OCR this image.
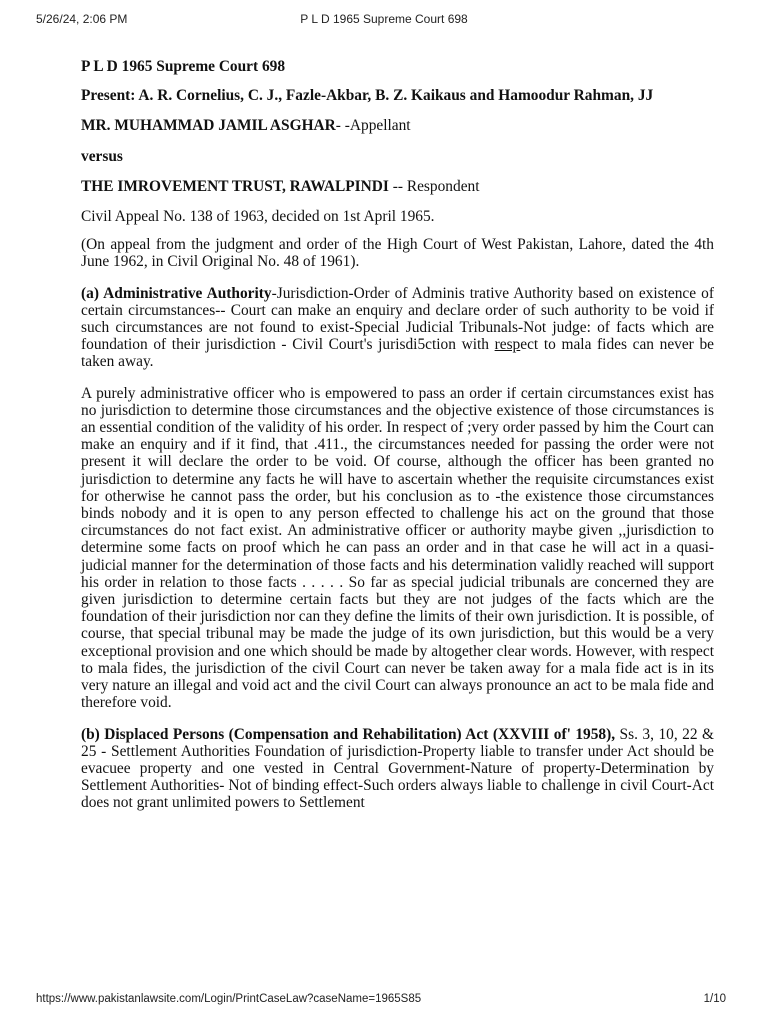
5/26/24, 2:06 PM	P L D 1965 Supreme Court 698

P L D 1965 Supreme Court 698

Present: A. R. Cornelius, C. J., Fazle-Akbar, B. Z. Kaikaus and Hamoodur Rahman, JJ

MR. MUHAMMAD JAMIL ASGHAR- -Appellant

versus

THE IMROVEMENT TRUST, RAWALPINDI -- Respondent

Civil Appeal No. 138 of 1963, decided on 1st April 1965.

(On appeal from the judgment and order of the High Court of West Pakistan, Lahore, dated the 4th June 1962, in Civil Original No. 48 of 1961).

(a) Administrative Authority-Jurisdiction-Order of Adminis trative Authority based on existence of certain circumstances-- Court can make an enquiry and declare order of such authority to be void if such circumstances are not found to exist-Special Judicial Tribunals-Not judge: of facts which are foundation of their jurisdiction - Civil Court's jurisdi5ction with respect to mala fides can never be taken away.

A purely administrative officer who is empowered to pass an order if certain circumstances exist has no jurisdiction to determine those circumstances and the objective existence of those circumstances is an essential condition of the validity of his order. In respect of ;very order passed by him the Court can make an enquiry and if it find, that .411., the circumstances needed for passing the order were not present it will declare the order to be void. Of course, although the officer has been granted no jurisdiction to determine any facts he will have to ascertain whether the requisite circumstances exist for otherwise he cannot pass the order, but his conclusion as to -the existence those circumstances binds nobody and it is open to any person effected to challenge his act on the ground that those circumstances do not fact exist. An administrative officer or authority maybe given ,,jurisdiction to determine some facts on proof which he can pass an order and in that case he will act in a quasi-judicial manner for the determination of those facts and his determination validly reached will support his order in relation to those facts . . . . . So far as special judicial tribunals are concerned they are given jurisdiction to determine certain facts but they are not judges of the facts which are the foundation of their jurisdiction nor can they define the limits of their own jurisdiction. It is possible, of course, that special tribunal may be made the judge of its own jurisdiction, but this would be a very exceptional provision and one which should be made by altogether clear words. However, with respect to mala fides, the jurisdiction of the civil Court can never be taken away for a mala fide act is in its very nature an illegal and void act and the civil Court can always pronounce an act to be mala fide and therefore void.

(b) Displaced Persons (Compensation and Rehabilitation) Act (XXVIII of' 1958), Ss. 3, 10, 22 & 25 - Settlement Authorities Foundation of jurisdiction-Property liable to transfer under Act should be evacuee property and one vested in Central Government-Nature of property-Determination by Settlement Authorities- Not of binding effect-Such orders always liable to challenge in civil Court-Act does not grant unlimited powers to Settlement

https://www.pakistanlawsite.com/Login/PrintCaseLaw?caseName=1965S85	1/10
